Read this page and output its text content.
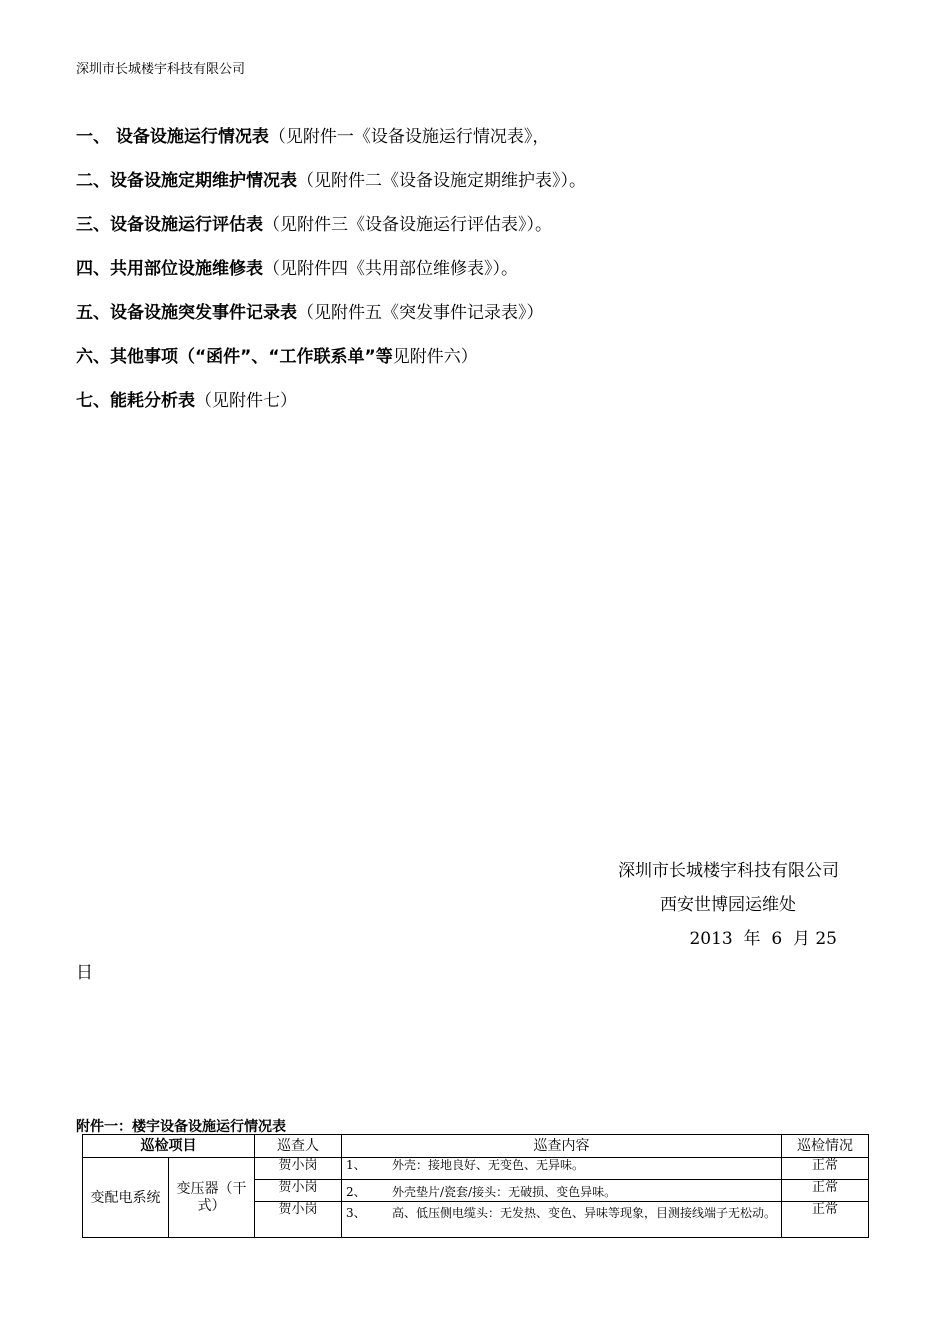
深圳市长城楼宇科技有限公司
一、 设备设施运行情况表（见附件一《设备设施运行情况表》，
二、设备设施定期维护情况表（见附件二《设备设施定期维护表》）。
三、设备设施运行评估表（见附件三《设备设施运行评估表》）。
四、共用部位设施维修表（见附件四《共用部位维修表》）。
五、设备设施突发事件记录表（见附件五《突发事件记录表》）
六、其他事项（“函件”、“工作联系单”等见附件六）
七、能耗分析表（见附件七）
深圳市长城楼宇科技有限公司
西安世博园运维处
2013  年  6  月 25
日
附件一：楼宇设备设施运行情况表
巡检项目		巡查人	巡查内容	巡检情况
变配电系统	变压器（干式）	贺小岗	1、 外壳：接地良好、无变色、无异味。	正常
		贺小岗	2、 外壳垫片/瓷套/接头：无破损、变色异味。	正常
		贺小岗	3、 高、低压侧电缆头：无发热、变色、异味等现象，目测接线端子无松动。	正常
